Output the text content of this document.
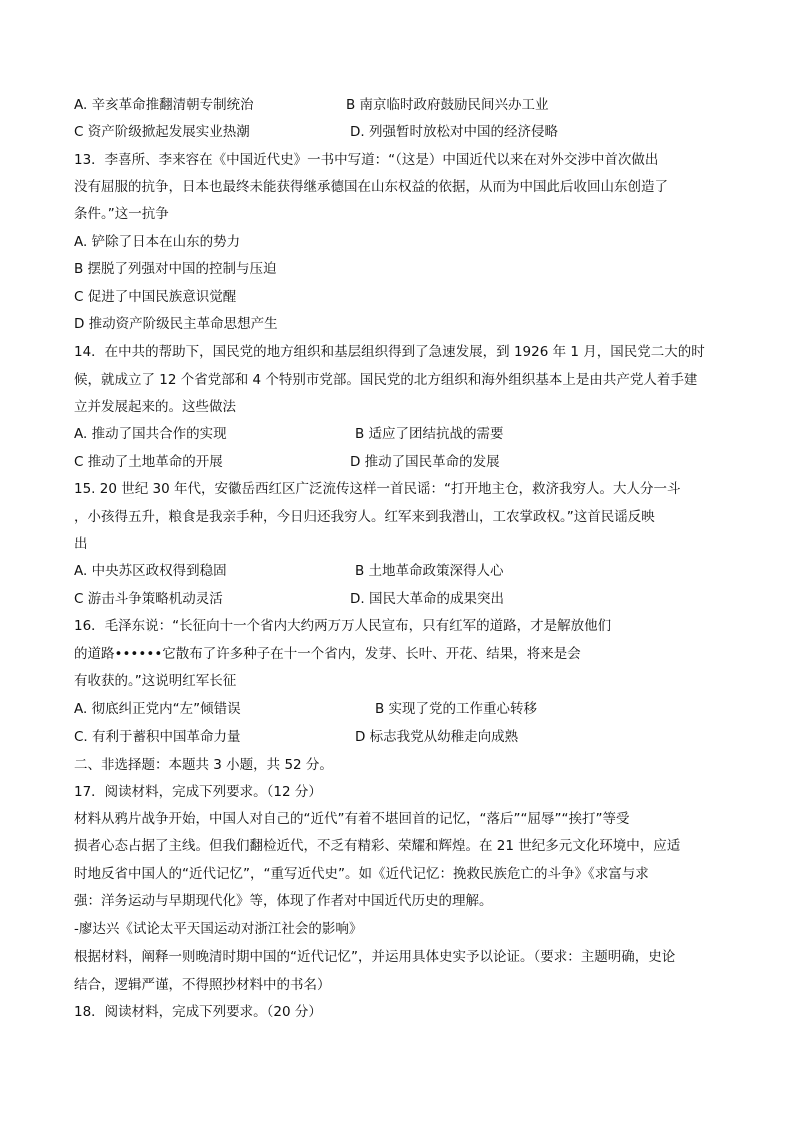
A. 辛亥革命推翻清朝专制统治	B 南京临时政府鼓励民间兴办工业
C 资产阶级掀起发展实业热潮	D. 列强暂时放松对中国的经济侵略
13．李喜所、李来容在《中国近代史》一书中写道：“（这是）中国近代以来在对外交涉中首次做出
没有屈服的抗争，日本也最终未能获得继承德国在山东权益的依据，从而为中国此后收回山东创造了
条件。”这一抗争
A. 铲除了日本在山东的势力
B 摆脱了列强对中国的控制与压迫
C 促进了中国民族意识觉醒
D 推动资产阶级民主革命思想产生
14．在中共的帮助下，国民党的地方组织和基层组织得到了急速发展，到 1926 年 1 月，国民党二大的时
候，就成立了 12 个省党部和 4 个特别市党部。国民党的北方组织和海外组织基本上是由共产党人着手建
立并发展起来的。这些做法
A. 推动了国共合作的实现	B 适应了团结抗战的需要
C 推动了土地革命的开展	D 推动了国民革命的发展
15. 20 世纪 30 年代，安徽岳西红区广泛流传这样一首民谣：“打开地主仓，救济我穷人。大人分一斗
，小孩得五升，粮食是我亲手种，今日归还我穷人。红军来到我潜山，工农掌政权。”这首民谣反映
出
A. 中央苏区政权得到稳固	B 土地革命政策深得人心
C 游击斗争策略机动灵活	D. 国民大革命的成果突出
16．毛泽东说：“长征向十一个省内大约两万万人民宣布，只有红军的道路，才是解放他们
的道路••••••它散布了许多种子在十一个省内，发芽、长叶、开花、结果，将来是会
有收获的。”这说明红军长征
A. 彻底纠正党内“左”倾错误	B 实现了党的工作重心转移
C. 有利于蓄积中国革命力量	D 标志我党从幼稚走向成熟
二、非选择题：本题共 3 小题，共 52 分。
17．阅读材料，完成下列要求。（12 分）
材料从鸦片战争开始，中国人对自己的“近代”有着不堪回首的记忆，“落后”“屈辱”“挨打”等受
损者心态占据了主线。但我们翻检近代，不乏有精彩、荣耀和辉煌。在 21 世纪多元文化环境中，应适
时地反省中国人的“近代记忆”，“重写近代史”。如《近代记忆：挽救民族危亡的斗争》《求富与求
强：洋务运动与早期现代化》等，体现了作者对中国近代历史的理解。
-廖达兴《试论太平天国运动对浙江社会的影响》
根据材料，阐释一则晚清时期中国的“近代记忆”，并运用具体史实予以论证。（要求：主题明确，史论
结合，逻辑严谨，不得照抄材料中的书名）
18．阅读材料，完成下列要求。（20 分）
